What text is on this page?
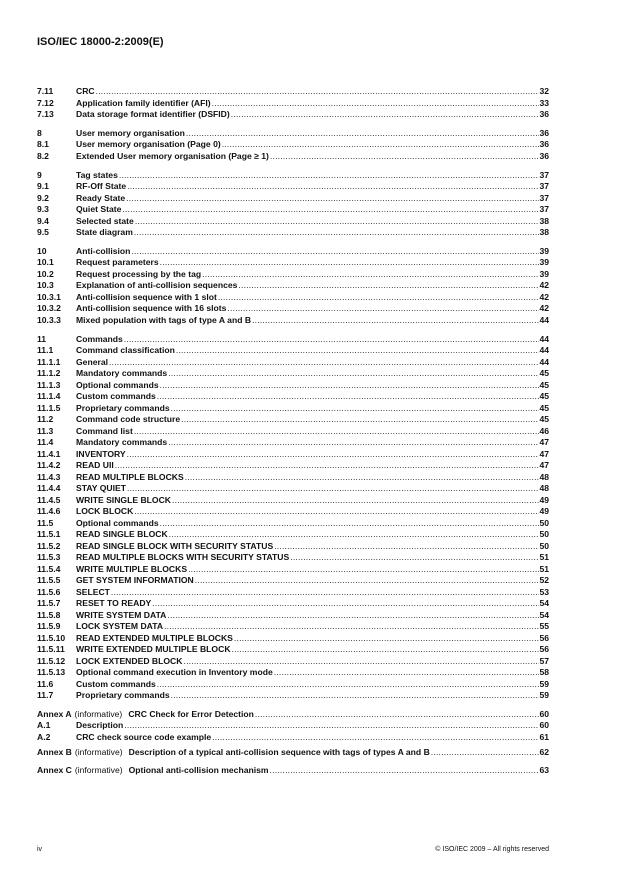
ISO/IEC 18000-2:2009(E)
7.11	CRC .....	32
7.12	Application family identifier (AFI) .....	33
7.13	Data storage format identifier (DSFID) .....	36
8	User memory organisation .....	36
8.1	User memory organisation (Page 0) .....	36
8.2	Extended User memory organisation (Page ≥ 1) .....	36
9	Tag states .....	37
9.1	RF-Off State .....	37
9.2	Ready State .....	37
9.3	Quiet State .....	37
9.4	Selected state .....	38
9.5	State diagram .....	38
10	Anti-collision .....	39
10.1	Request parameters .....	39
10.2	Request processing by the tag .....	39
10.3	Explanation of anti-collision sequences .....	42
10.3.1	Anti-collision sequence with 1 slot .....	42
10.3.2	Anti-collision sequence with 16 slots .....	42
10.3.3	Mixed population with tags of type A and B .....	44
11	Commands .....	44
11.1	Command classification .....	44
11.1.1	General .....	44
11.1.2	Mandatory commands .....	45
11.1.3	Optional commands .....	45
11.1.4	Custom commands .....	45
11.1.5	Proprietary commands .....	45
11.2	Command code structure .....	45
11.3	Command list .....	46
11.4	Mandatory commands .....	47
11.4.1	INVENTORY .....	47
11.4.2	READ UII .....	47
11.4.3	READ MULTIPLE BLOCKS .....	48
11.4.4	STAY QUIET .....	48
11.4.5	WRITE SINGLE BLOCK .....	49
11.4.6	LOCK BLOCK .....	49
11.5	Optional commands .....	50
11.5.1	READ SINGLE BLOCK .....	50
11.5.2	READ SINGLE BLOCK WITH SECURITY STATUS .....	50
11.5.3	READ MULTIPLE BLOCKS WITH SECURITY STATUS .....	51
11.5.4	WRITE MULTIPLE BLOCKS .....	51
11.5.5	GET SYSTEM INFORMATION .....	52
11.5.6	SELECT .....	53
11.5.7	RESET TO READY .....	54
11.5.8	WRITE SYSTEM DATA .....	54
11.5.9	LOCK SYSTEM DATA .....	55
11.5.10	READ EXTENDED MULTIPLE BLOCKS .....	56
11.5.11	WRITE EXTENDED MULTIPLE BLOCK .....	56
11.5.12	LOCK EXTENDED BLOCK .....	57
11.5.13	Optional command execution in Inventory mode .....	58
11.6	Custom commands .....	59
11.7	Proprietary commands .....	59
Annex A (informative) CRC Check for Error Detection .....	60
A.1	Description .....	60
A.2	CRC check source code example .....	61
Annex B (informative) Description of a typical anti-collision sequence with tags of types A and B .....	62
Annex C (informative) Optional anti-collision mechanism .....	63
iv	© ISO/IEC 2009 – All rights reserved
